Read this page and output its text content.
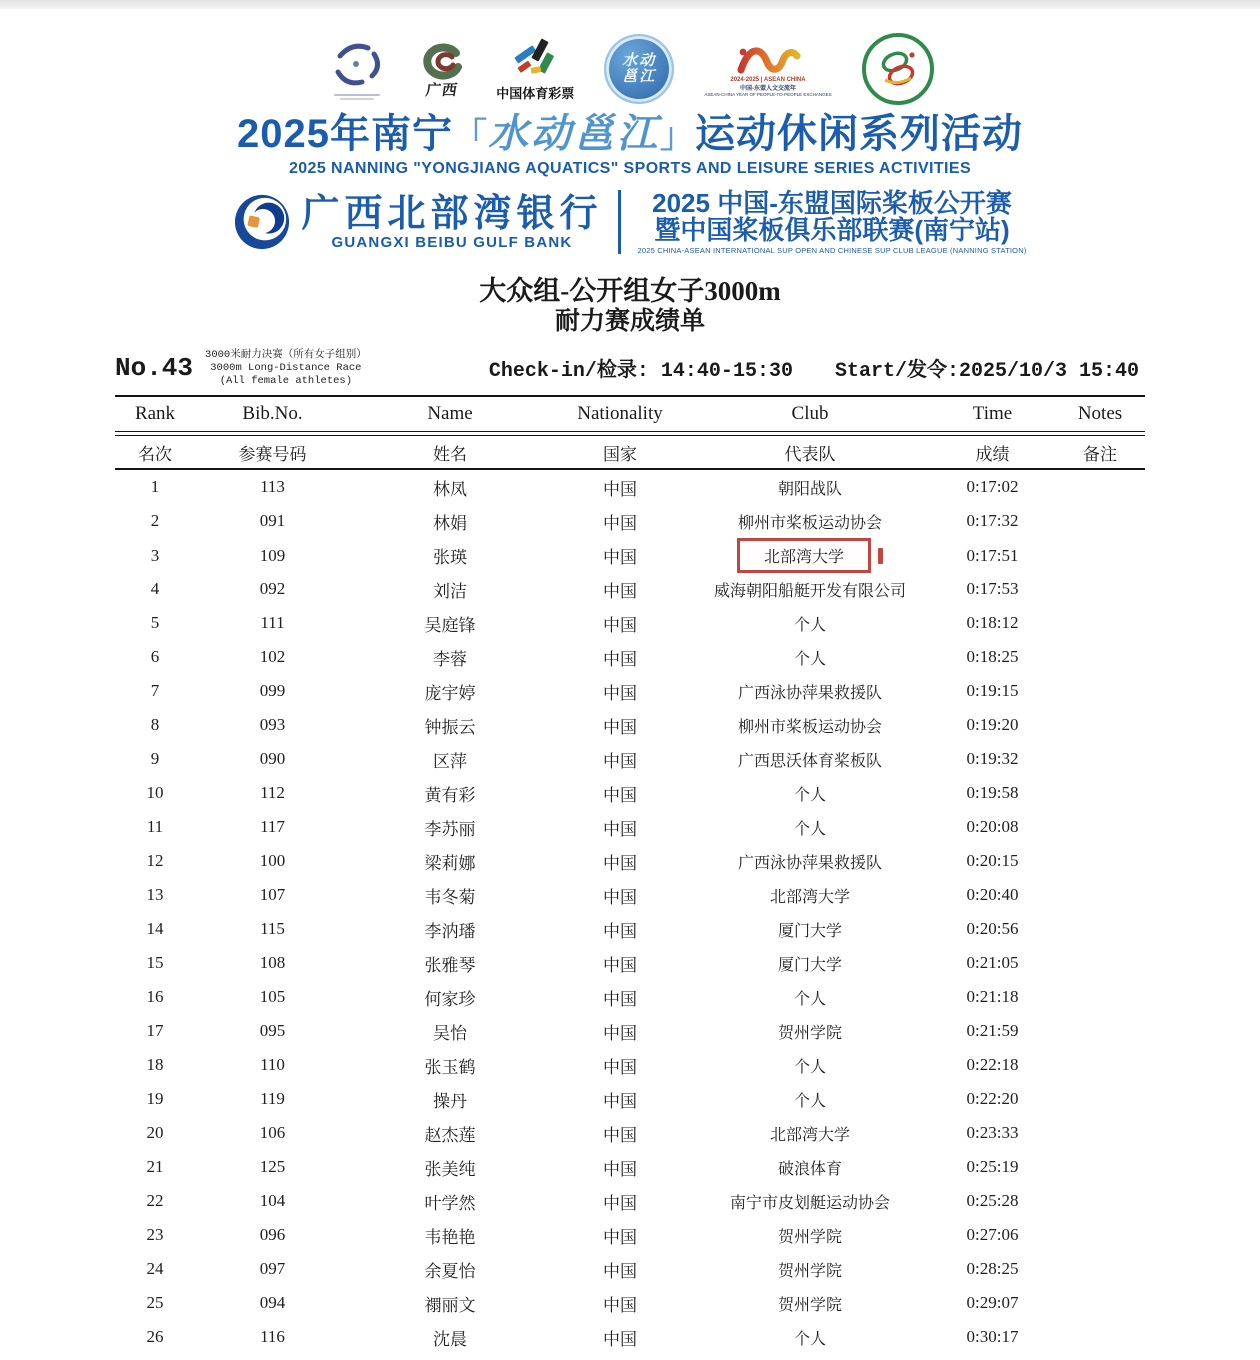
广西	中国体育彩票
水动
邕江	2024-2025 | ASEAN CHINA
中国-东盟人文交流年
ASEAN-CHINA YEAR OF PEOPLE-TO-PEOPLE EXCHANGES
2025年南宁「水动邕江」运动休闲系列活动
2025 NANNING "YONGJIANG AQUATICS" SPORTS AND LEISURE SERIES ACTIVITIES
广西北部湾银行
GUANGXI BEIBU GULF BANK
2025 中国-东盟国际桨板公开赛
暨中国桨板俱乐部联赛(南宁站)
2025 CHINA-ASEAN INTERNATIONAL SUP OPEN AND CHINESE SUP CLUB LEAGUE (NANNING STATION)
大众组-公开组女子3000m
耐力赛成绩单
No.43 3000米耐力决赛（所有女子组别）
3000m Long-Distance Race
(All female athletes)	Check-in/检录: 14:40-15:30 Start/发令:2025/10/3 15:40
Rank	Bib.No.	Name	Nationality	Club	Time	Notes
名次	参赛号码	姓名	国家	代表队	成绩	备注
1	113	林凤	中国	朝阳战队	0:17:02
2	091	林娟	中国	柳州市桨板运动协会	0:17:32
3	109	张瑛	中国	北部湾大学	0:17:51
4	092	刘洁	中国	威海朝阳船艇开发有限公司	0:17:53
5	111	吴庭锋	中国	个人	0:18:12
6	102	李蓉	中国	个人	0:18:25
7	099	庞宇婷	中国	广西泳协萍果救援队	0:19:15
8	093	钟振云	中国	柳州市桨板运动协会	0:19:20
9	090	区萍	中国	广西思沃体育桨板队	0:19:32
10	112	黄有彩	中国	个人	0:19:58
11	117	李苏丽	中国	个人	0:20:08
12	100	梁莉娜	中国	广西泳协萍果救援队	0:20:15
13	107	韦冬菊	中国	北部湾大学	0:20:40
14	115	李汭璠	中国	厦门大学	0:20:56
15	108	张雅琴	中国	厦门大学	0:21:05
16	105	何家珍	中国	个人	0:21:18
17	095	吴怡	中国	贺州学院	0:21:59
18	110	张玉鹤	中国	个人	0:22:18
19	119	操丹	中国	个人	0:22:20
20	106	赵杰莲	中国	北部湾大学	0:23:33
21	125	张美纯	中国	破浪体育	0:25:19
22	104	叶学然	中国	南宁市皮划艇运动协会	0:25:28
23	096	韦艳艳	中国	贺州学院	0:27:06
24	097	余夏怡	中国	贺州学院	0:28:25
25	094	禤丽文	中国	贺州学院	0:29:07
26	116	沈晨	中国	个人	0:30:17
